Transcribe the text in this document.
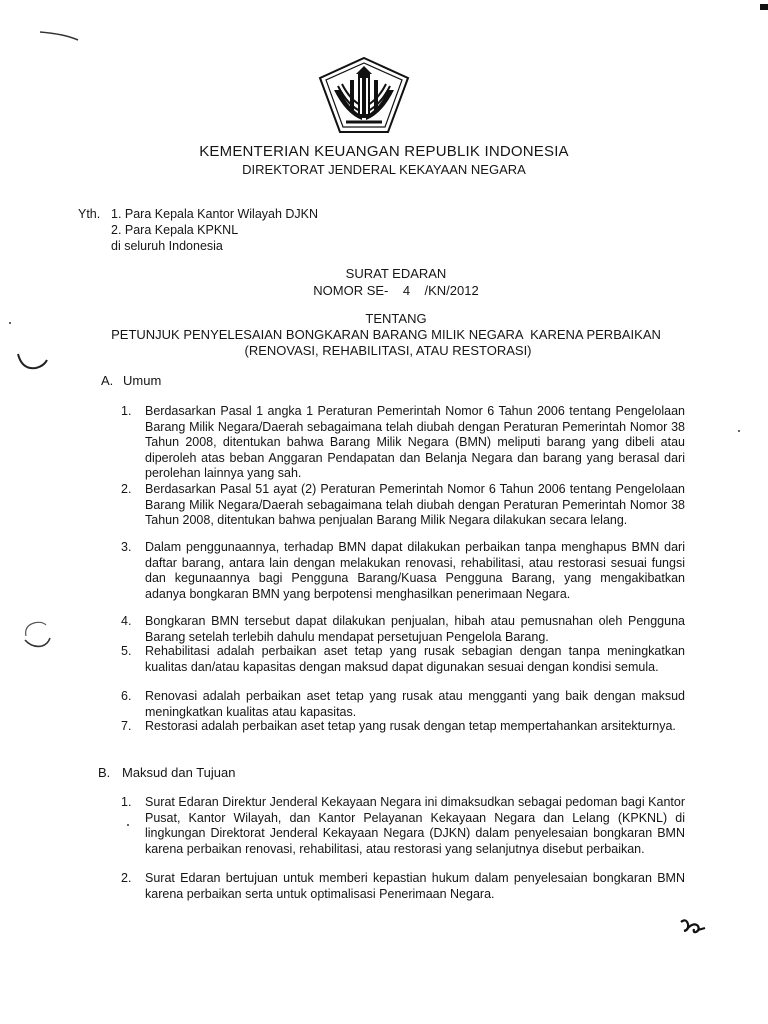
KEMENTERIAN KEUANGAN REPUBLIK INDONESIA
DIREKTORAT JENDERAL KEKAYAAN NEGARA
Yth. 1. Para Kepala Kantor Wilayah DJKN
2. Para Kepala KPKNL
di seluruh Indonesia
SURAT EDARAN
NOMOR SE-    4    /KN/2012
TENTANG
PETUNJUK PENYELESAIAN BONGKARAN BARANG MILIK NEGARA  KARENA PERBAIKAN
(RENOVASI, REHABILITASI, ATAU RESTORASI)
A. Umum
1. Berdasarkan Pasal 1 angka 1 Peraturan Pemerintah Nomor 6 Tahun 2006 tentang Pengelolaan Barang Milik Negara/Daerah sebagaimana telah diubah dengan Peraturan Pemerintah Nomor 38 Tahun 2008, ditentukan bahwa Barang Milik Negara (BMN) meliputi barang yang dibeli atau diperoleh atas beban Anggaran Pendapatan dan Belanja Negara dan barang yang berasal dari perolehan lainnya yang sah.
2. Berdasarkan Pasal 51 ayat (2) Peraturan Pemerintah Nomor 6 Tahun 2006 tentang Pengelolaan Barang Milik Negara/Daerah sebagaimana telah diubah dengan Peraturan Pemerintah Nomor 38 Tahun 2008, ditentukan bahwa penjualan Barang Milik Negara dilakukan secara lelang.
3. Dalam penggunaannya, terhadap BMN dapat dilakukan perbaikan tanpa menghapus BMN dari daftar barang, antara lain dengan melakukan renovasi, rehabilitasi, atau restorasi sesuai fungsi dan kegunaannya bagi Pengguna Barang/Kuasa Pengguna Barang, yang mengakibatkan adanya bongkaran BMN yang berpotensi menghasilkan penerimaan Negara.
4. Bongkaran BMN tersebut dapat dilakukan penjualan, hibah atau pemusnahan oleh Pengguna Barang setelah terlebih dahulu mendapat persetujuan Pengelola Barang.
5. Rehabilitasi adalah perbaikan aset tetap yang rusak sebagian dengan tanpa meningkatkan kualitas dan/atau kapasitas dengan maksud dapat digunakan sesuai dengan kondisi semula.
6. Renovasi adalah perbaikan aset tetap yang rusak atau mengganti yang baik dengan maksud meningkatkan kualitas atau kapasitas.
7. Restorasi adalah perbaikan aset tetap yang rusak dengan tetap mempertahankan arsitekturnya.
B. Maksud dan Tujuan
1. Surat Edaran Direktur Jenderal Kekayaan Negara ini dimaksudkan sebagai pedoman bagi Kantor Pusat, Kantor Wilayah, dan Kantor Pelayanan Kekayaan Negara dan Lelang (KPKNL) di lingkungan Direktorat Jenderal Kekayaan Negara (DJKN) dalam penyelesaian bongkaran BMN karena perbaikan renovasi, rehabilitasi, atau restorasi yang selanjutnya disebut perbaikan.
2. Surat Edaran bertujuan untuk memberi kepastian hukum dalam penyelesaian bongkaran BMN karena perbaikan serta untuk optimalisasi Penerimaan Negara.
